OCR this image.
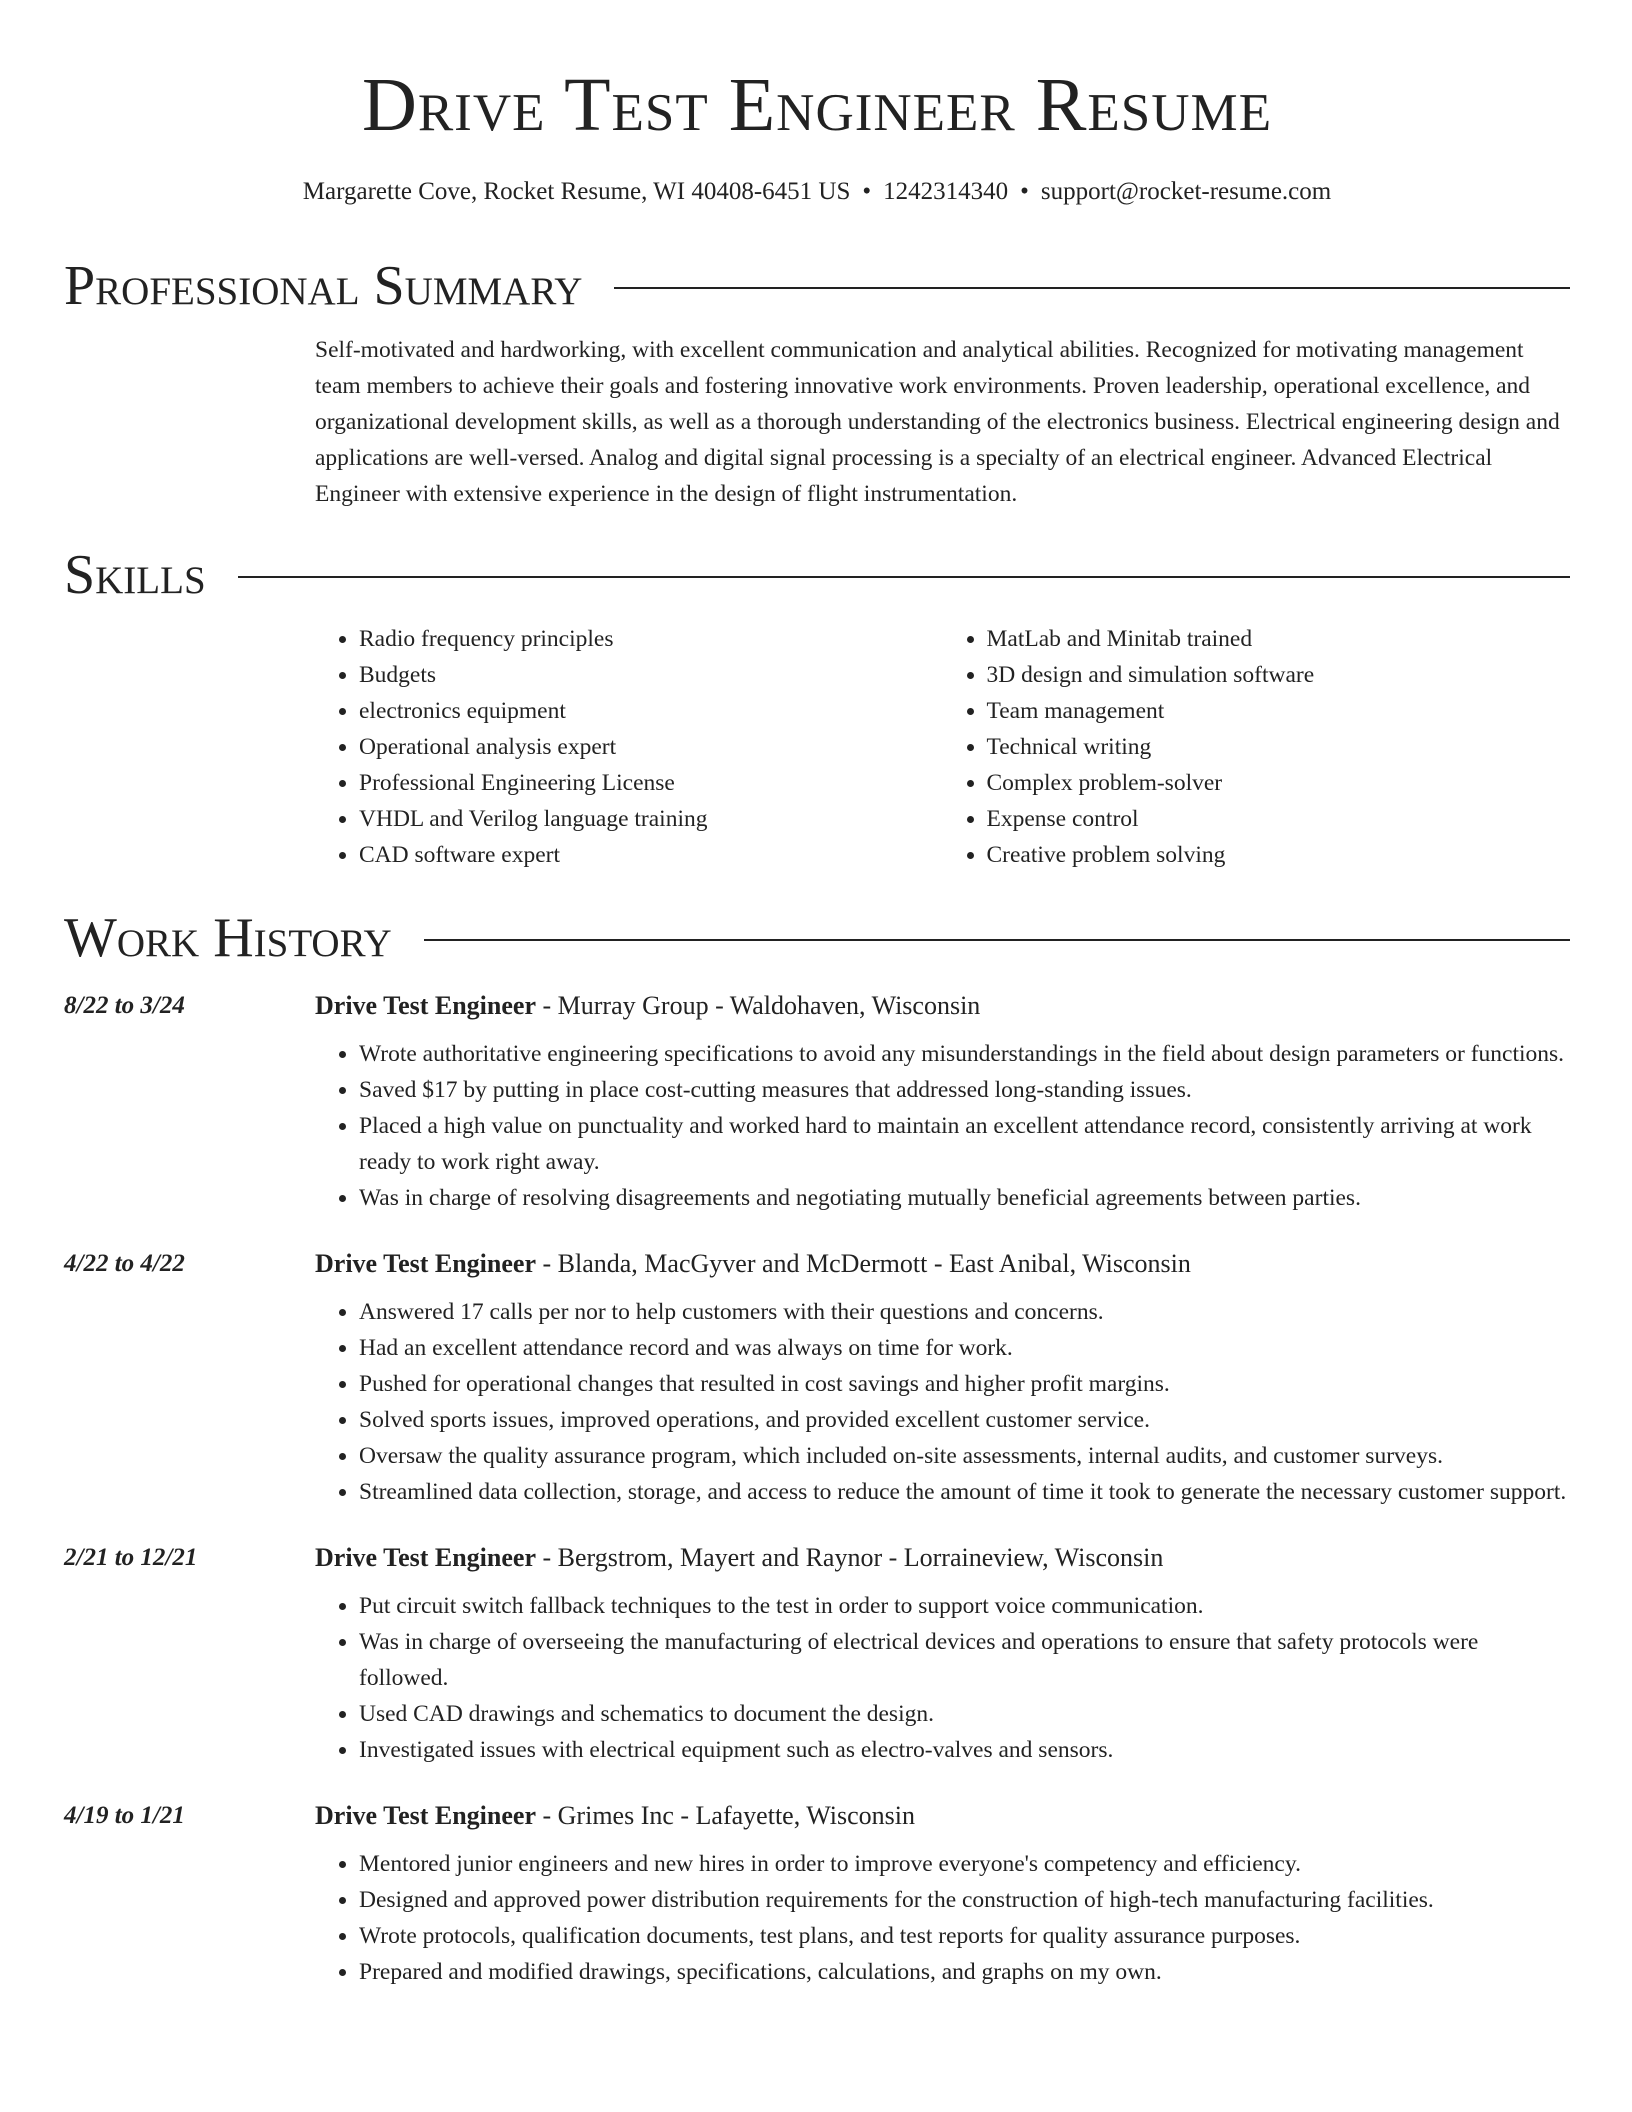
Drive Test Engineer Resume
Margarette Cove, Rocket Resume, WI 40408-6451 US • 1242314340 • support@rocket-resume.com
Professional Summary
Self-motivated and hardworking, with excellent communication and analytical abilities. Recognized for motivating management team members to achieve their goals and fostering innovative work environments. Proven leadership, operational excellence, and organizational development skills, as well as a thorough understanding of the electronics business. Electrical engineering design and applications are well-versed. Analog and digital signal processing is a specialty of an electrical engineer. Advanced Electrical Engineer with extensive experience in the design of flight instrumentation.
Skills
• Radio frequency principles
• Budgets
• electronics equipment
• Operational analysis expert
• Professional Engineering License
• VHDL and Verilog language training
• CAD software expert
• MatLab and Minitab trained
• 3D design and simulation software
• Team management
• Technical writing
• Complex problem-solver
• Expense control
• Creative problem solving
Work History
8/22 to 3/24	Drive Test Engineer - Murray Group - Waldohaven, Wisconsin
• Wrote authoritative engineering specifications to avoid any misunderstandings in the field about design parameters or functions.
• Saved $17 by putting in place cost-cutting measures that addressed long-standing issues.
• Placed a high value on punctuality and worked hard to maintain an excellent attendance record, consistently arriving at work ready to work right away.
• Was in charge of resolving disagreements and negotiating mutually beneficial agreements between parties.
4/22 to 4/22	Drive Test Engineer - Blanda, MacGyver and McDermott - East Anibal, Wisconsin
• Answered 17 calls per nor to help customers with their questions and concerns.
• Had an excellent attendance record and was always on time for work.
• Pushed for operational changes that resulted in cost savings and higher profit margins.
• Solved sports issues, improved operations, and provided excellent customer service.
• Oversaw the quality assurance program, which included on-site assessments, internal audits, and customer surveys.
• Streamlined data collection, storage, and access to reduce the amount of time it took to generate the necessary customer support.
2/21 to 12/21	Drive Test Engineer - Bergstrom, Mayert and Raynor - Lorraineview, Wisconsin
• Put circuit switch fallback techniques to the test in order to support voice communication.
• Was in charge of overseeing the manufacturing of electrical devices and operations to ensure that safety protocols were followed.
• Used CAD drawings and schematics to document the design.
• Investigated issues with electrical equipment such as electro-valves and sensors.
4/19 to 1/21	Drive Test Engineer - Grimes Inc - Lafayette, Wisconsin
• Mentored junior engineers and new hires in order to improve everyone's competency and efficiency.
• Designed and approved power distribution requirements for the construction of high-tech manufacturing facilities.
• Wrote protocols, qualification documents, test plans, and test reports for quality assurance purposes.
• Prepared and modified drawings, specifications, calculations, and graphs on my own.
